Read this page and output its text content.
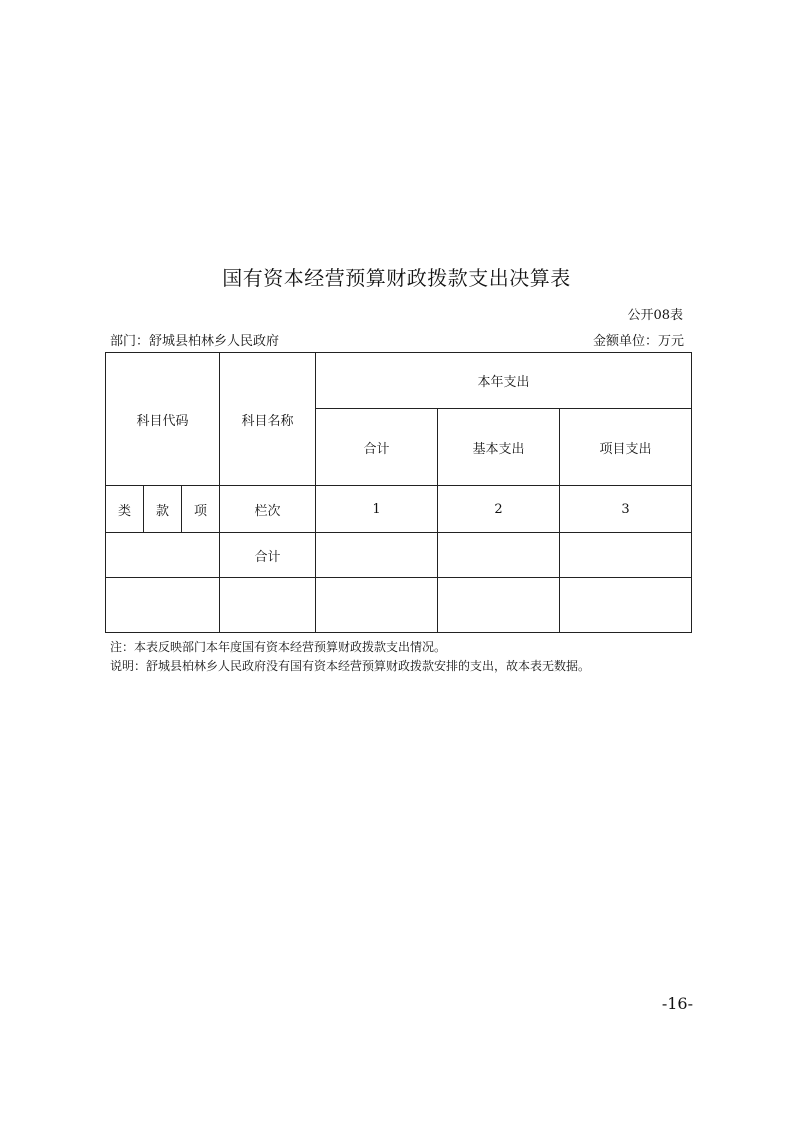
国有资本经营预算财政拨款支出决算表
公开08表
部门：舒城县柏林乡人民政府	金额单位：万元
科目代码			科目名称	本年支出		
				合计	基本支出	项目支出
类	款	项	栏次	1	2	3
			合计			

注：本表反映部门本年度国有资本经营预算财政拨款支出情况。
说明：舒城县柏林乡人民政府没有国有资本经营预算财政拨款安排的支出，故本表无数据。
-16-
